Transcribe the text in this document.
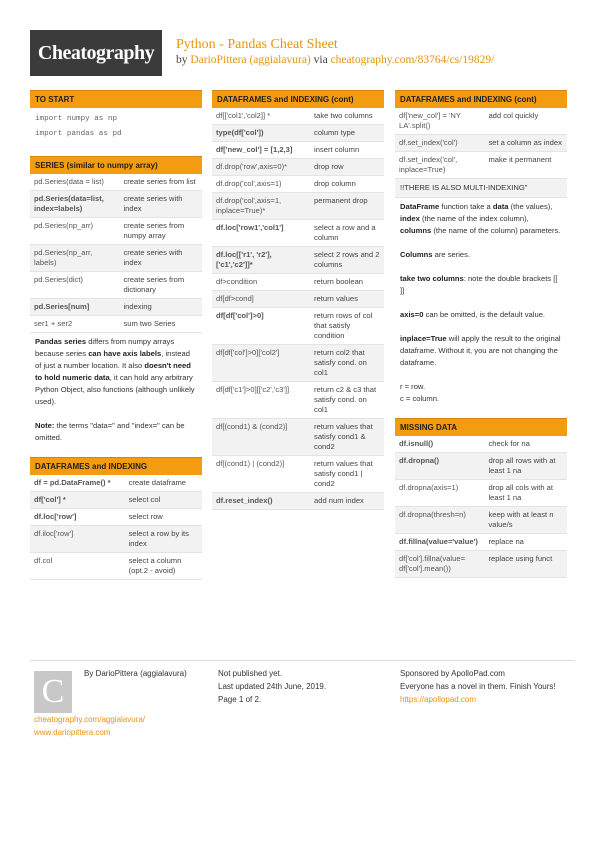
Cheatography	Python - Pandas Cheat Sheet
by DarioPittera (aggialavura) via cheatography.com/83764/cs/19829/
TO START
import numpy as np
import pandas as pd
SERIES (similar to numpy array)
pd.Series(data = list)	create series from list
pd.Series(data=list, index=labels)	create series with index
pd.Series(np_arr)	create series from numpy array
pd.Series(np_arr, labels)	create series with index
pd.Series(dict)	create series from dictionary
pd.Series[num]	indexing
ser1 + ser2	sum two Series

Pandas series differs from numpy arrays because series can have axis labels, instead of just a number location. It also doesn't need to hold numeric data, it can hold any arbitrary Python Object, also functions (although unlikely used).

Note: the terms "data=" and "index=" can be omitted.

DATAFRAMES and INDEXING
df = pd.DataFrame() *	create dataframe
df['col'] *	select col
df.loc['row']	select row
df.iloc['row']	select a row by its index
df.col	select a column (opt.2 - avoid)
DATAFRAMES and INDEXING (cont)
df[['col1','col2]] *	take two columns
type(df['col'])	column type
df['new_col'] = [1,2,3]	insert column
df.drop('row',axis=0)*	drop row
df.drop('col',axis=1)	drop column
df.drop('col',axis=1, inplace=True)*	permanent drop
df.loc['row1','col1']	select a row and a column
df.loc[['r1', 'r2'],['c1','c2']]*	select 2 rows and 2 columns
df>condition	return boolean
df[df>cond]	return values
df[df['col']>0]	return rows of col that satisfy condition
df[df['col']>0]['col2']	return col2 that satisfy cond. on col1
df[df['c1']>0][['c2','c3']]	return c2 & c3 that satisfy cond. on col1
df[(cond1) & (cond2)]	return values that satisfy cond1 & cond2
df[(cond1) | (cond2)]	return values that satisfy cond1 | cond2
df.reset_index()	add num index
DATAFRAMES and INDEXING (cont)
df['new_col'] = 'NY LA'.split()	add col quickly
df.set_index('col')	set a column as index
df.set_index('col', inplace=True)	make it permanent
!!THERE IS ALSO MULTI-INDEXING"

DataFrame function take a data (the values), index (the name of the index column), columns (the name of the column) parameters.

Columns are series.

take two columns: note the double brackets [[ ]]

axis=0 can be omitted, is the default value.

inplace=True will apply the result to the original dataframe. Without it, you are not changing the dataframe.

r = row.
c = column.

MISSING DATA
df.isnull()	check for na
df.dropna()	drop all rows with at least 1 na
df.dropna(axis=1)	drop all cols with at least 1 na
df.dropna(thresh=n)	keep with at least n value/s
df.fillna(value='value')	replace na
df['col'].fillna(value= df['col'].mean())	replace using funct
C	By DarioPittera (aggialavura)
cheatography.com/aggialavura/
www.dariopittera.com
Not published yet.
Last updated 24th June, 2019.
Page 1 of 2.
Sponsored by ApolloPad.com
Everyone has a novel in them. Finish Yours!
https://apollopad.com
